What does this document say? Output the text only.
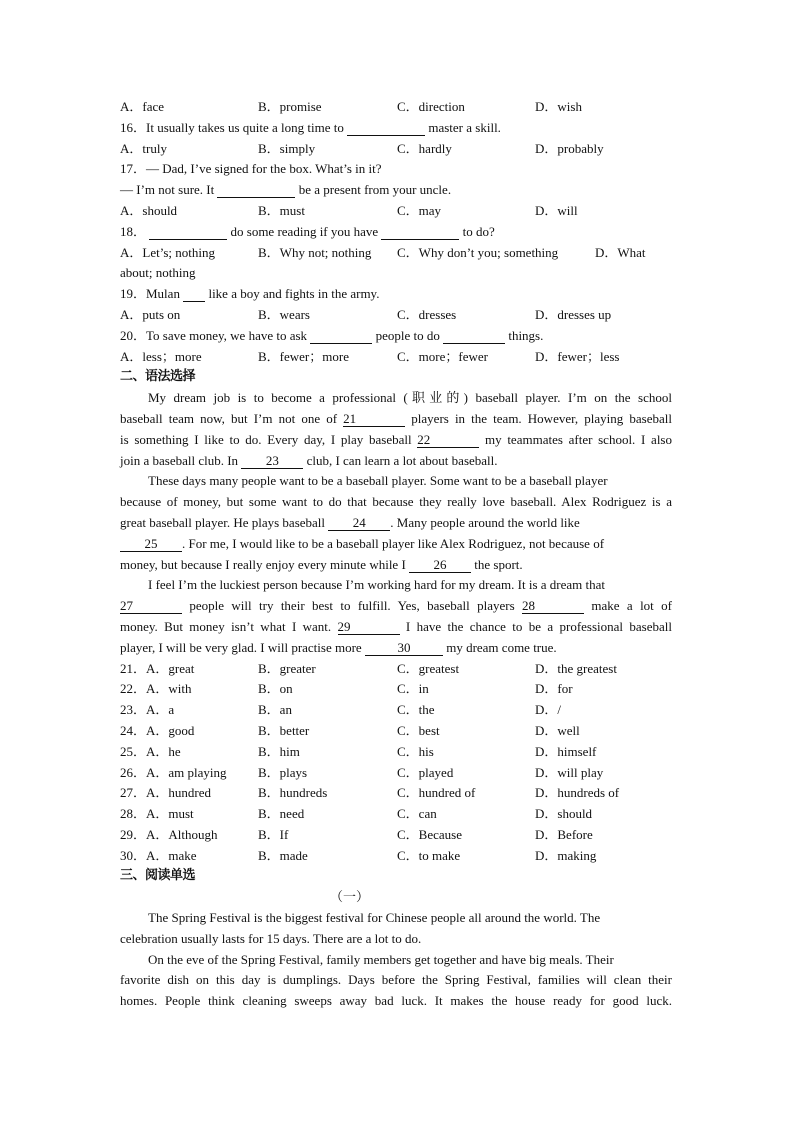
A．face	B．promise	C．direction	D．wish
16．It usually takes us quite a long time to	master a skill.
A．truly	B．simply	C．hardly	D．probably
17．— Dad, I’ve signed for the box. What’s in it?
— I’m not sure. It	be a present from your uncle.
A．should	B．must	C．may	D．will
18．	do some reading if you have	to do?
A．Let’s; nothing	B．Why not; nothing C．Why don’t you; something	D．What
about; nothing
19．Mulan   like a boy and fights in the army.
A．puts on	B．wears	C．dresses	D．dresses up
20．To save money, we have to ask	people to do	things.
A．less；more	B．fewer；more	C．more；fewer	D．fewer；less
二、语法选择
My dream job is to become a professional (职业的) baseball player. I’m on the school
baseball team now, but I’m not one of 21	players in the team. However, playing baseball
is something I like to do. Every day, I play baseball 22	my teammates after school. I also
join a baseball club. In 23 club, I can learn a lot about baseball.
These days many people want to be a baseball player. Some want to be a baseball player
because of money, but some want to do that because they really love baseball. Alex Rodriguez is a
great baseball player. He plays baseball 24 . Many people around the world like
25 . For me, I would like to be a baseball player like Alex Rodriguez, not because of
money, but because I really enjoy every minute while I 26 the sport.
I feel I’m the luckiest person because I’m working hard for my dream. It is a dream that
27	people will try their best to fulfill. Yes, baseball players 28	make a lot of
money. But money isn’t what I want. 29	I have the chance to be a professional baseball
player, I will be very glad. I will practise more	30	my dream come true.
21．A．great	B．greater	C．greatest	D．the greatest
22．A．with	B．on	C．in	D．for
23．A．a	B．an	C．the	D．/
24．A．good	B．better	C．best	D．well
25．A．he	B．him	C．his	D．himself
26．A．am playing B．plays	C．played	D．will play
27．A．hundred	B．hundreds	C．hundred of	D．hundreds of
28．A．must	B．need	C．can	D．should
29．A．Although	B．If	C．Because	D．Before
30．A．make	B．made	C．to make	D．making
三、阅读单选
（一）
The Spring Festival is the biggest festival for Chinese people all around the world. The
celebration usually lasts for 15 days. There are a lot to do.
On the eve of the Spring Festival, family members get together and have big meals. Their
favorite dish on this day is dumplings. Days before the Spring Festival, families will clean their
homes. People think cleaning sweeps away bad luck. It makes the house ready for good luck.
